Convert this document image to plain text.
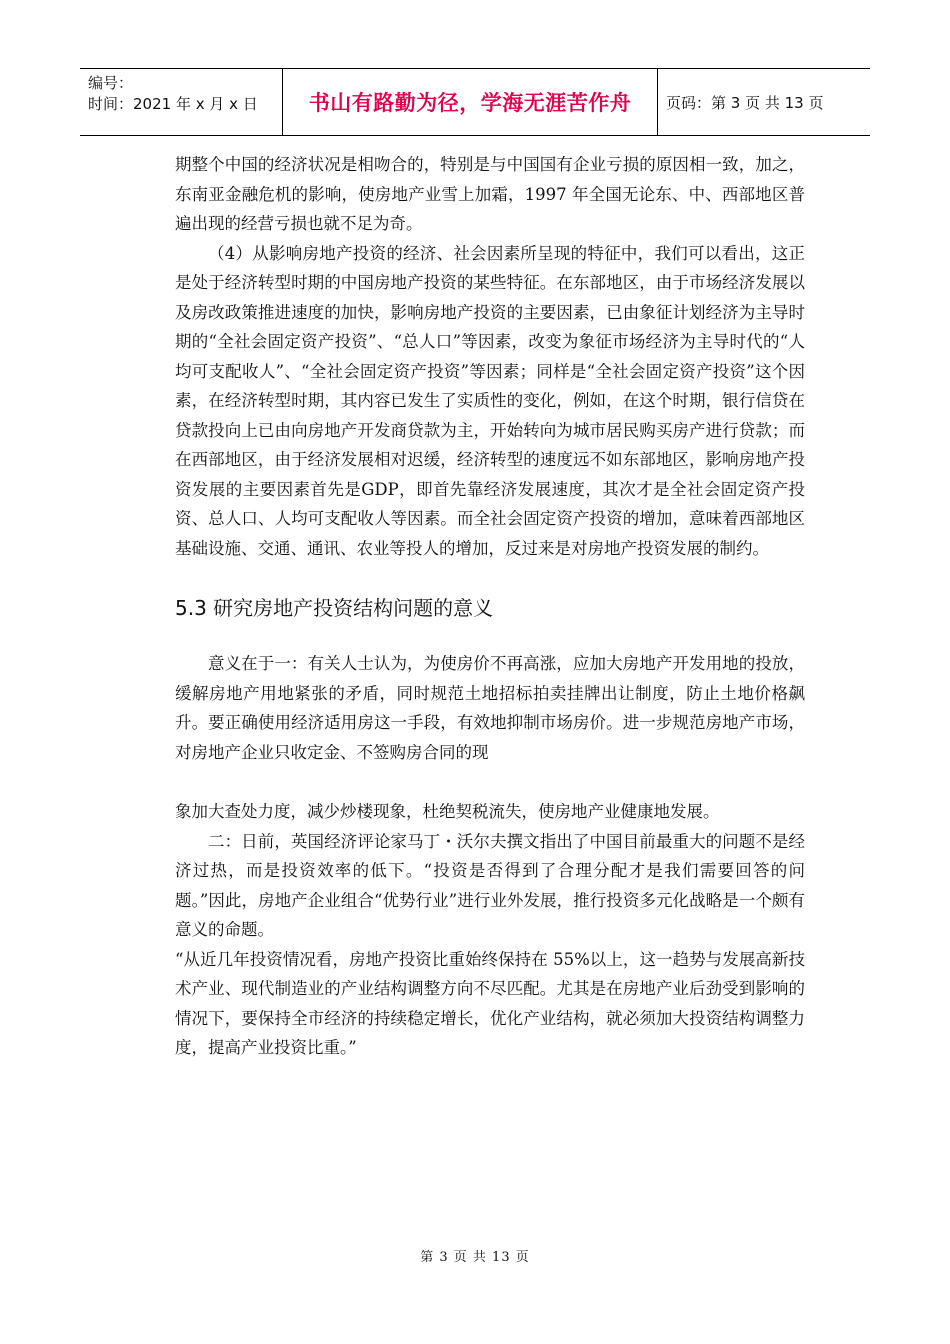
编号：
时间：2021 年 x 月 x 日	书山有路勤为径，学海无涯苦作舟	页码：第 3 页 共 13 页

期整个中国的经济状况是相吻合的，特别是与中国国有企业亏损的原因相一致，加之，东南亚金融危机的影响，使房地产业雪上加霜，1997 年全国无论东、中、西部地区普遍出现的经营亏损也就不足为奇。

（4）从影响房地产投资的经济、社会因素所呈现的特征中，我们可以看出，这正是处于经济转型时期的中国房地产投资的某些特征。在东部地区，由于市场经济发展以及房改政策推进速度的加快，影响房地产投资的主要因素，已由象征计划经济为主导时期的“全社会固定资产投资”、“总人口”等因素，改变为象征市场经济为主导时代的“人均可支配收人”、“全社会固定资产投资”等因素；同样是“全社会固定资产投资”这个因素，在经济转型时期，其内容已发生了实质性的变化，例如，在这个时期，银行信贷在贷款投向上已由向房地产开发商贷款为主，开始转向为城市居民购买房产进行贷款；而在西部地区，由于经济发展相对迟缓，经济转型的速度远不如东部地区，影响房地产投资发展的主要因素首先是GDP，即首先靠经济发展速度，其次才是全社会固定资产投资、总人口、人均可支配收人等因素。而全社会固定资产投资的增加，意味着西部地区基础设施、交通、通讯、农业等投人的增加，反过来是对房地产投资发展的制约。

5.3 研究房地产投资结构问题的意义

意义在于一：有关人士认为，为使房价不再高涨，应加大房地产开发用地的投放，缓解房地产用地紧张的矛盾，同时规范土地招标拍卖挂牌出让制度，防止土地价格飙升。要正确使用经济适用房这一手段，有效地抑制市场房价。进一步规范房地产市场，对房地产企业只收定金、不签购房合同的现

象加大查处力度，减少炒楼现象，杜绝契税流失，使房地产业健康地发展。

二：日前，英国经济评论家马丁・沃尔夫撰文指出了中国目前最重大的问题不是经济过热，而是投资效率的低下。“投资是否得到了合理分配才是我们需要回答的问题。”因此，房地产企业组合“优势行业”进行业外发展，推行投资多元化战略是一个颇有意义的命题。

“从近几年投资情况看，房地产投资比重始终保持在 55%以上，这一趋势与发展高新技术产业、现代制造业的产业结构调整方向不尽匹配。尤其是在房地产业后劲受到影响的情况下，要保持全市经济的持续稳定增长，优化产业结构，就必须加大投资结构调整力度，提高产业投资比重。”

第 3 页 共 13 页
